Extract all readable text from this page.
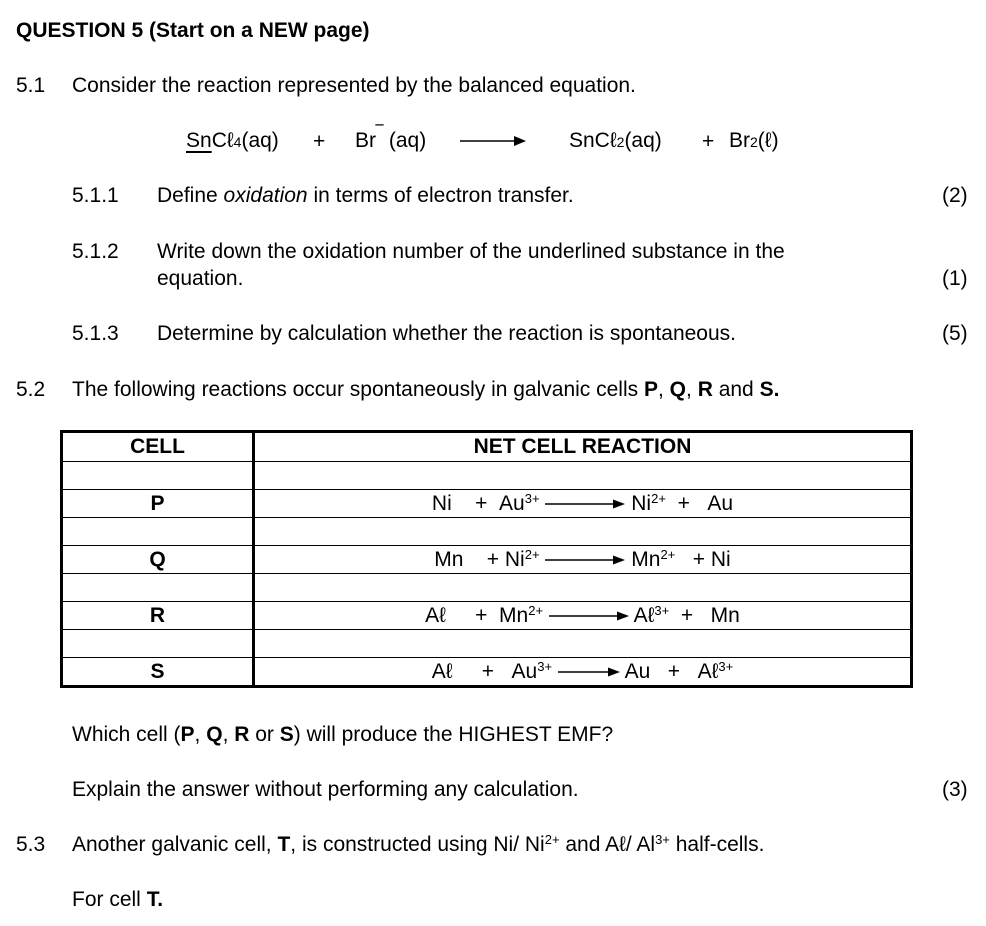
QUESTION 5 (Start on a NEW page)
5.1 Consider the reaction represented by the balanced equation.
SnCℓ4(aq) + Br‾ (aq)	SnCℓ2(aq) + Br2(ℓ)
5.1.1 Define oxidation in terms of electron transfer.	(2)
5.1.2 Write down the oxidation number of the underlined substance in the
equation.	(1)
5.1.3 Determine by calculation whether the reaction is spontaneous.	(5)
5.2 The following reactions occur spontaneously in galvanic cells P, Q, R and S.
CELL	NET CELL REACTION

P	$Ni + Au^{3+} \to Ni^{2+} + Au$

Q	$Mn + Ni^{2+} \to Mn^{2+} + Ni$

R	Aℓ + $Mn^{2+}$ → Aℓ$^{3+}$ + Mn

S	Aℓ + $Au^{3+} \to Au$ + Aℓ$^{3+}$
Which cell (P, Q, R or S) will produce the HIGHEST EMF?
Explain the answer without performing any calculation.	(3)
5.3 Another galvanic cell, T, is constructed using Ni/ $Ni^{2+}$ and Aℓ/ $Al^{3+}$ half-cells.
For cell T.
